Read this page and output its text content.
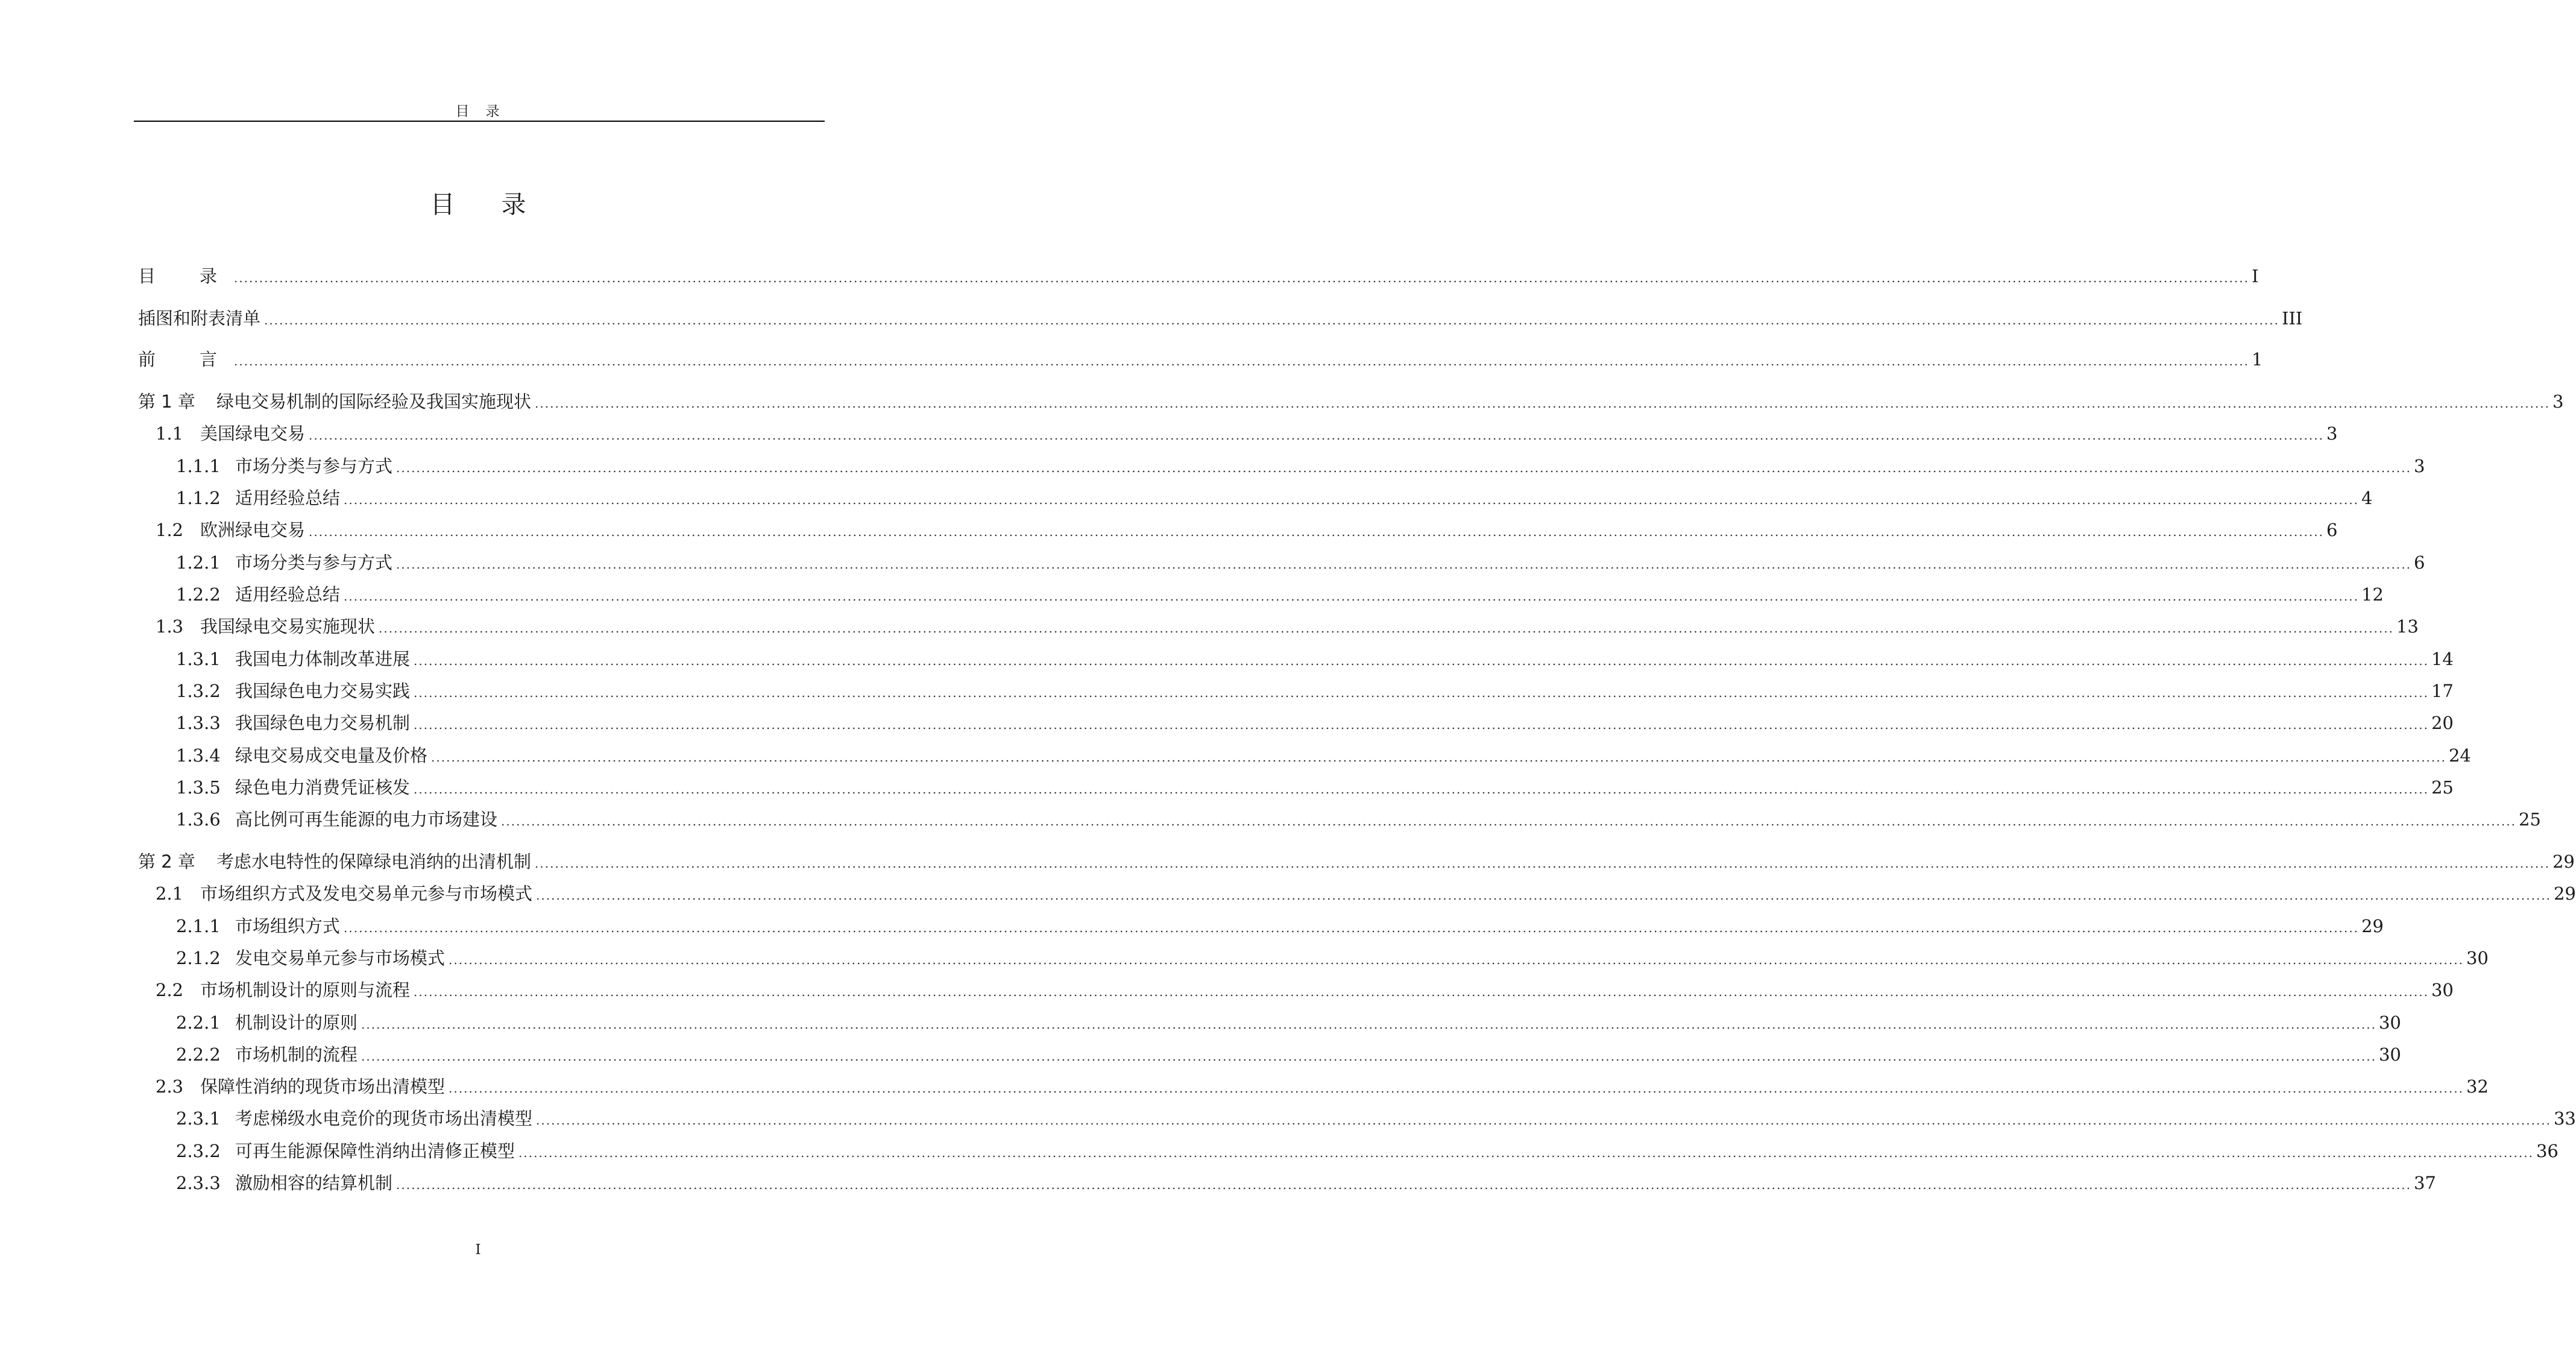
目　录
目　录
目　录 ................................................................................................................................................................................................................................................................................................................................................................................................................ I
插图和附表清单 ................................................................................................................................................................................................................................................................................................................................................................................................................ III
前　言 ................................................................................................................................................................................................................................................................................................................................................................................................................ 1
第 1 章	绿电交易机制的国际经验及我国实施现状 ................................................................................................................................................................................................................................................................................................................................................................................................................ 3
1.1 美国绿电交易 ................................................................................................................................................................................................................................................................................................................................................................................................................ 3
1.1.1 市场分类与参与方式 ................................................................................................................................................................................................................................................................................................................................................................................................................ 3
1.1.2 适用经验总结 ................................................................................................................................................................................................................................................................................................................................................................................................................ 4
1.2 欧洲绿电交易 ................................................................................................................................................................................................................................................................................................................................................................................................................ 6
1.2.1 市场分类与参与方式 ................................................................................................................................................................................................................................................................................................................................................................................................................ 6
1.2.2 适用经验总结 ................................................................................................................................................................................................................................................................................................................................................................................................................ 12
1.3 我国绿电交易实施现状 ................................................................................................................................................................................................................................................................................................................................................................................................................ 13
1.3.1 我国电力体制改革进展 ................................................................................................................................................................................................................................................................................................................................................................................................................ 14
1.3.2 我国绿色电力交易实践 ................................................................................................................................................................................................................................................................................................................................................................................................................ 17
1.3.3 我国绿色电力交易机制 ................................................................................................................................................................................................................................................................................................................................................................................................................ 20
1.3.4 绿电交易成交电量及价格 ................................................................................................................................................................................................................................................................................................................................................................................................................ 24
1.3.5 绿色电力消费凭证核发 ................................................................................................................................................................................................................................................................................................................................................................................................................ 25
1.3.6 高比例可再生能源的电力市场建设 ................................................................................................................................................................................................................................................................................................................................................................................................................ 25
第 2 章	考虑水电特性的保障绿电消纳的出清机制 ................................................................................................................................................................................................................................................................................................................................................................................................................ 29
2.1 市场组织方式及发电交易单元参与市场模式 ................................................................................................................................................................................................................................................................................................................................................................................................................ 29
2.1.1 市场组织方式 ................................................................................................................................................................................................................................................................................................................................................................................................................ 29
2.1.2 发电交易单元参与市场模式 ................................................................................................................................................................................................................................................................................................................................................................................................................ 30
2.2 市场机制设计的原则与流程 ................................................................................................................................................................................................................................................................................................................................................................................................................ 30
2.2.1 机制设计的原则 ................................................................................................................................................................................................................................................................................................................................................................................................................ 30
2.2.2 市场机制的流程 ................................................................................................................................................................................................................................................................................................................................................................................................................ 30
2.3 保障性消纳的现货市场出清模型 ................................................................................................................................................................................................................................................................................................................................................................................................................ 32
2.3.1 考虑梯级水电竞价的现货市场出清模型 ................................................................................................................................................................................................................................................................................................................................................................................................................ 33
2.3.2 可再生能源保障性消纳出清修正模型 ................................................................................................................................................................................................................................................................................................................................................................................................................ 36
2.3.3 激励相容的结算机制 ................................................................................................................................................................................................................................................................................................................................................................................................................ 37
I
